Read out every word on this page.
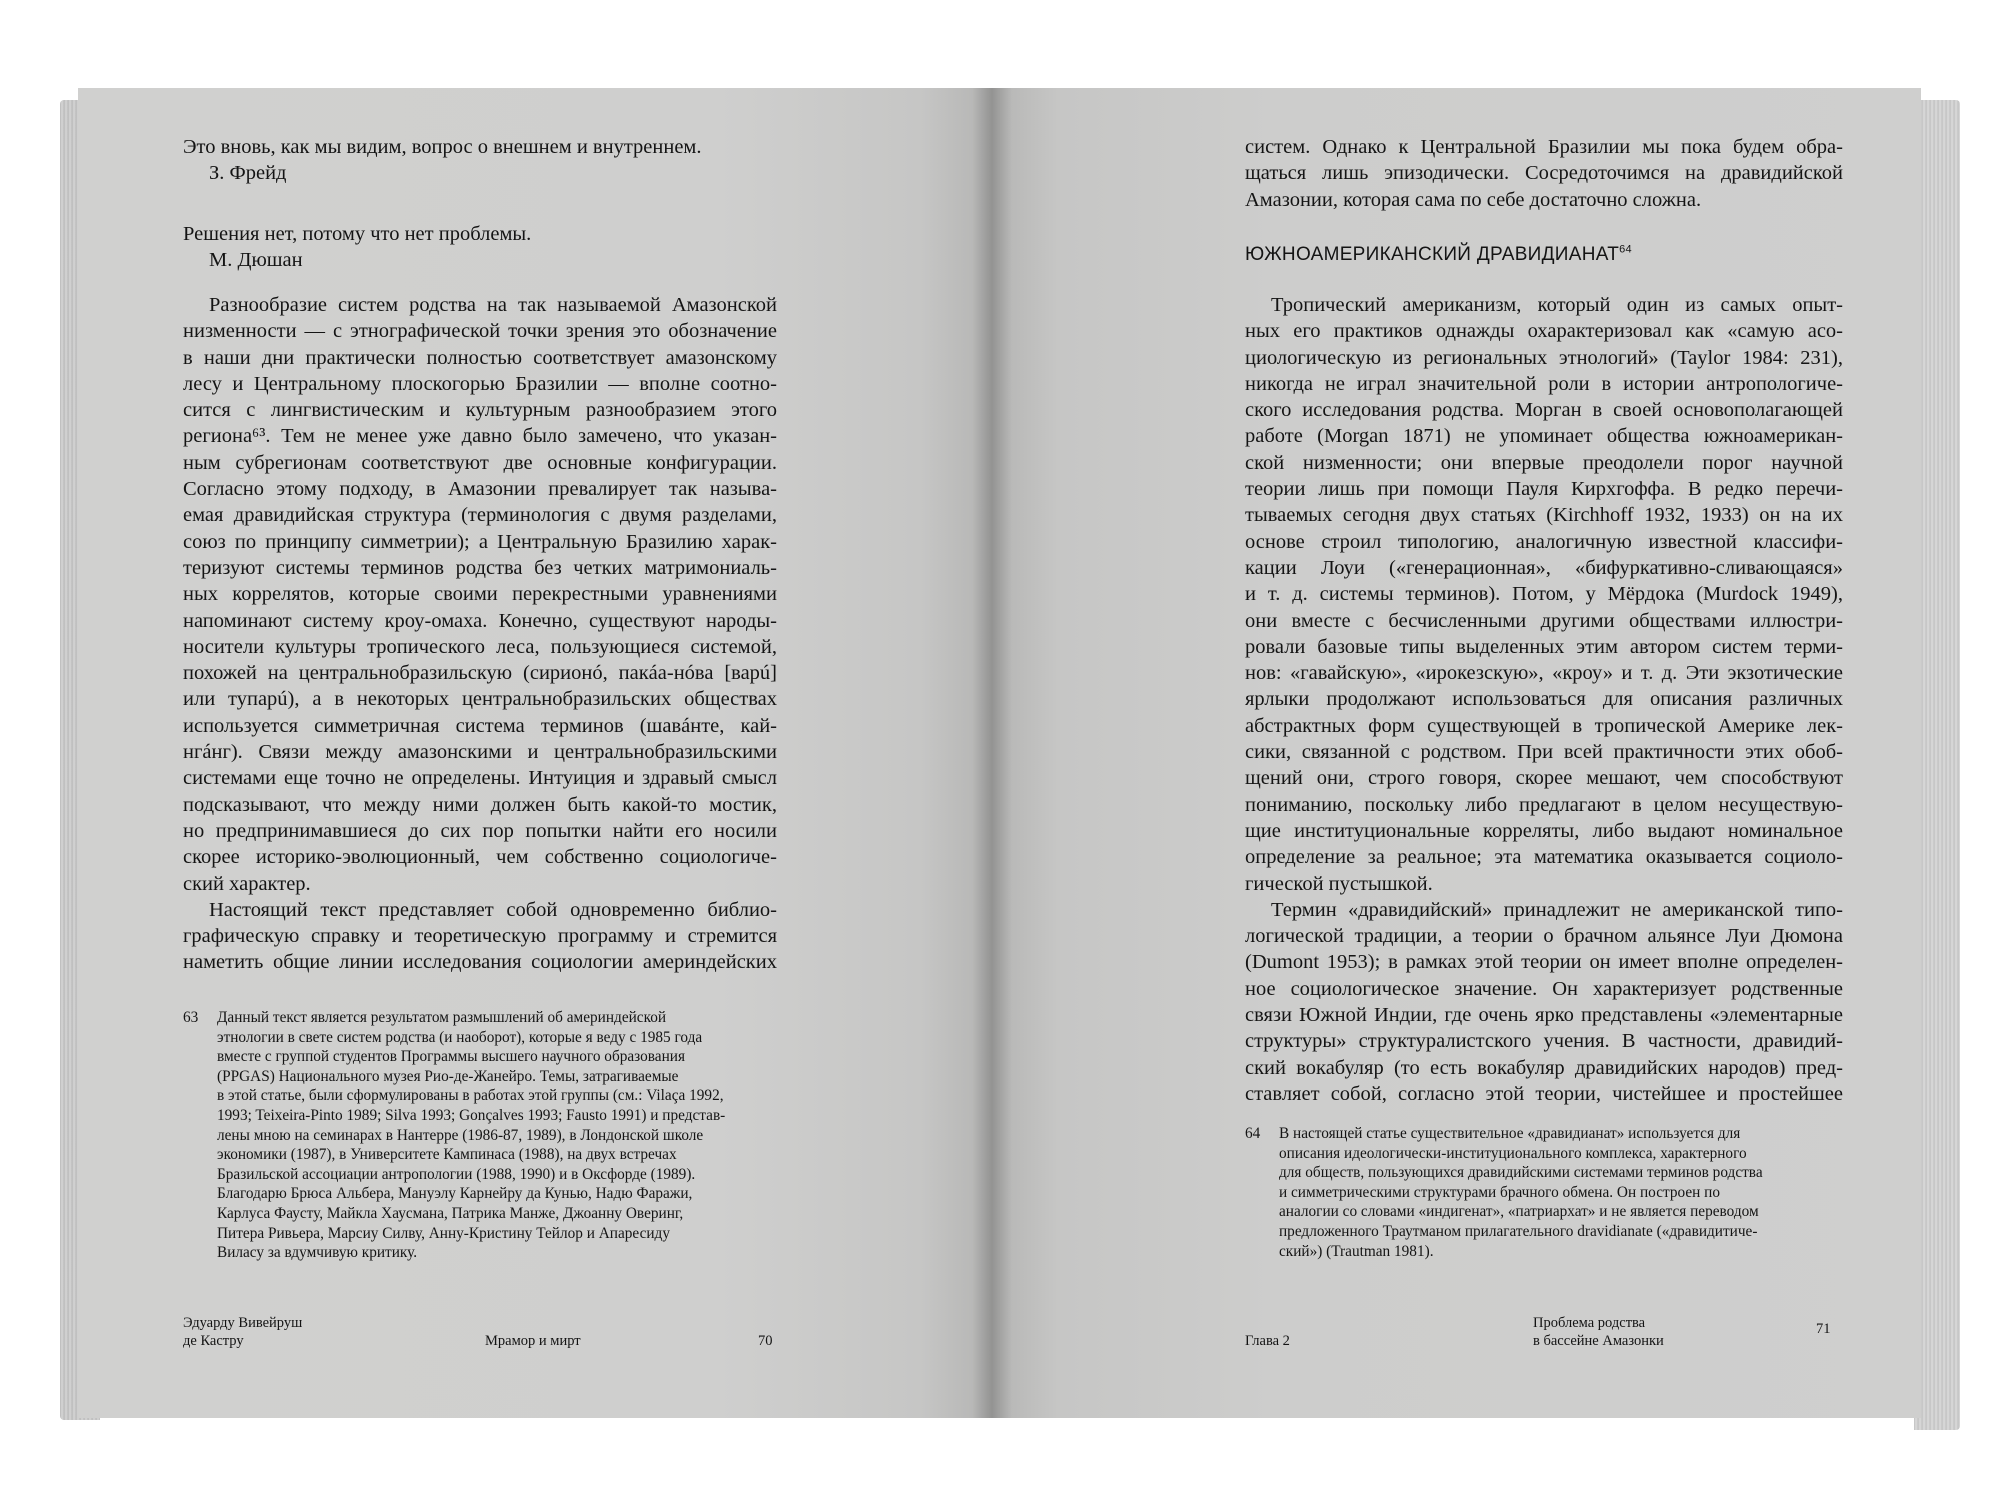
Это вновь, как мы видим, вопрос о внешнем и внутреннем.
З. Фрейд
Решения нет, потому что нет проблемы.
М. Дюшан
Разнообразие систем родства на так называемой Амазонской
низменности — с этнографической точки зрения это обозначение
в наши дни практически полностью соответствует амазонскому
лесу и Центральному плоскогорью Бразилии — вполне соотно-
сится с лингвистическим и культурным разнообразием этого
региона⁶³. Тем не менее уже давно было замечено, что указан-
ным субрегионам соответствуют две основные конфигурации.
Согласно этому подходу, в Амазонии превалирует так называ-
емая дравидийская структура (терминология с двумя разделами,
союз по принципу симметрии); а Центральную Бразилию харак-
теризуют системы терминов родства без четких матримониаль-
ных коррелятов, которые своими перекрестными уравнениями
напоминают систему кроу-омаха. Конечно, существуют народы-
носители культуры тропического леса, пользующиеся системой,
похожей на центральнобразильскую (сирионó, пакáа-нóва [варú]
или тупарú), а в некоторых центральнобразильских обществах
используется симметричная система терминов (шавáнте, кай-
нгáнг). Связи между амазонскими и центральнобразильскими
системами еще точно не определены. Интуиция и здравый смысл
подсказывают, что между ними должен быть какой-то мостик,
но предпринимавшиеся до сих пор попытки найти его носили
скорее историко-эволюционный, чем собственно социологиче-
ский характер.
Настоящий текст представляет собой одновременно библио-
графическую справку и теоретическую программу и стремится
наметить общие линии исследования социологии америндейских
63	Данный текст является результатом размышлений об америндейской
этнологии в свете систем родства (и наоборот), которые я веду с 1985 года
вместе с группой студентов Программы высшего научного образования
(PPGAS) Национального музея Рио-де-Жанейро. Темы, затрагиваемые
в этой статье, были сформулированы в работах этой группы (см.: Vilaça 1992,
1993; Teixeira-Pinto 1989; Silva 1993; Gonçalves 1993; Fausto 1991) и представ-
лены мною на семинарах в Нантерре (1986-87, 1989), в Лондонской школе
экономики (1987), в Университете Кампинаса (1988), на двух встречах
Бразильской ассоциации антропологии (1988, 1990) и в Оксфорде (1989).
Благодарю Брюса Альбера, Мануэлу Карнейру да Кунью, Надю Фаражи,
Карлуса Фаусту, Майкла Хаусмана, Патрика Манже, Джоанну Оверинг,
Питера Ривьера, Марсиу Силву, Анну-Кристину Тейлор и Апаресиду
Виласу за вдумчивую критику.
Эдуарду Вивейруш
де Кастру	Мрамор и мирт	70
систем. Однако к Центральной Бразилии мы пока будем обра-
щаться лишь эпизодически. Сосредоточимся на дравидийской
Амазонии, которая сама по себе достаточно сложна.
ЮЖНОАМЕРИКАНСКИЙ ДРАВИДИАНАТ$^{64}$
Тропический американизм, который один из самых опыт-
ных его практиков однажды охарактеризовал как «самую асо-
циологическую из региональных этнологий» (Taylor 1984: 231),
никогда не играл значительной роли в истории антропологиче-
ского исследования родства. Морган в своей основополагающей
работе (Morgan 1871) не упоминает общества южноамерикан-
ской низменности; они впервые преодолели порог научной
теории лишь при помощи Пауля Кирхгоффа. В редко перечи-
тываемых сегодня двух статьях (Kirchhoff 1932, 1933) он на их
основе строил типологию, аналогичную известной классифи-
кации Лоуи («генерационная», «бифуркативно-сливающаяся»
и т. д. системы терминов). Потом, у Мёрдока (Murdock 1949),
они вместе с бесчисленными другими обществами иллюстри-
ровали базовые типы выделенных этим автором систем терми-
нов: «гавайскую», «ирокезскую», «кроу» и т. д. Эти экзотические
ярлыки продолжают использоваться для описания различных
абстрактных форм существующей в тропической Америке лек-
сики, связанной с родством. При всей практичности этих обоб-
щений они, строго говоря, скорее мешают, чем способствуют
пониманию, поскольку либо предлагают в целом несуществую-
щие институциональные корреляты, либо выдают номинальное
определение за реальное; эта математика оказывается социоло-
гической пустышкой.
Термин «дравидийский» принадлежит не американской типо-
логической традиции, а теории о брачном альянсе Луи Дюмона
(Dumont 1953); в рамках этой теории он имеет вполне определен-
ное социологическое значение. Он характеризует родственные
связи Южной Индии, где очень ярко представлены «элементарные
структуры» структуралистского учения. В частности, дравидий-
ский вокабуляр (то есть вокабуляр дравидийских народов) пред-
ставляет собой, согласно этой теории, чистейшее и простейшее
64	В настоящей статье существительное «дравидианат» используется для
описания идеологически-институционального комплекса, характерного
для обществ, пользующихся дравидийскими системами терминов родства
и симметрическими структурами брачного обмена. Он построен по
аналогии со словами «индигенат», «патриархат» и не является переводом
предложенного Траутманом прилагательного dravidianate («дравидитиче-
ский») (Trautman 1981).
Глава 2
Проблема родства
в бассейне Амазонки
71
